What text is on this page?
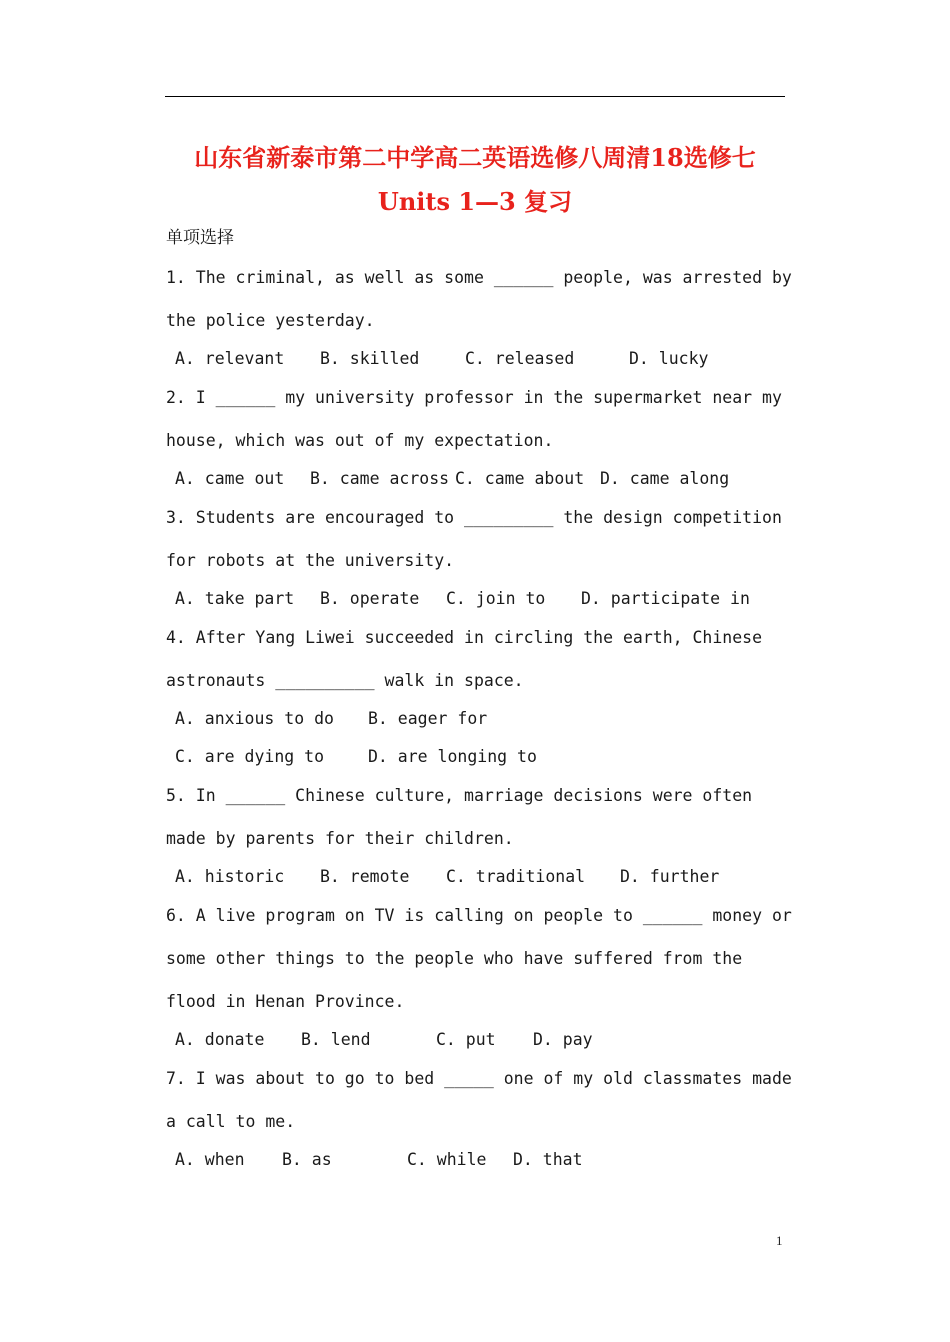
山东省新泰市第二中学高二英语选修八周清18选修七
Units 1—3 复习
单项选择
1. The criminal, as well as some ______ people, was arrested by
the police yesterday.
A. relevant B. skilled	C. released	D. lucky
2. I ______ my university professor in the supermarket near my
house, which was out of my expectation.
A. came out B. came across C. came about D. came along
3. Students are encouraged to _________ the design competition
for robots at the university.
A. take part B. operate C. join to D. participate in
4. After Yang Liwei succeeded in circling the earth, Chinese
astronauts __________ walk in space.
A. anxious to do B. eager for
C. are dying to	D. are longing to
5. In ______ Chinese culture, marriage decisions were often
made by parents for their children.
A. historic B. remote C. traditional D. further
6. A live program on TV is calling on people to ______ money or
some other things to the people who have suffered from the
flood in Henan Province.
A. donate B. lend	C. put D. pay
7. I was about to go to bed _____ one of my old classmates made
a call to me.
A. when B. as	C. while D. that
1
